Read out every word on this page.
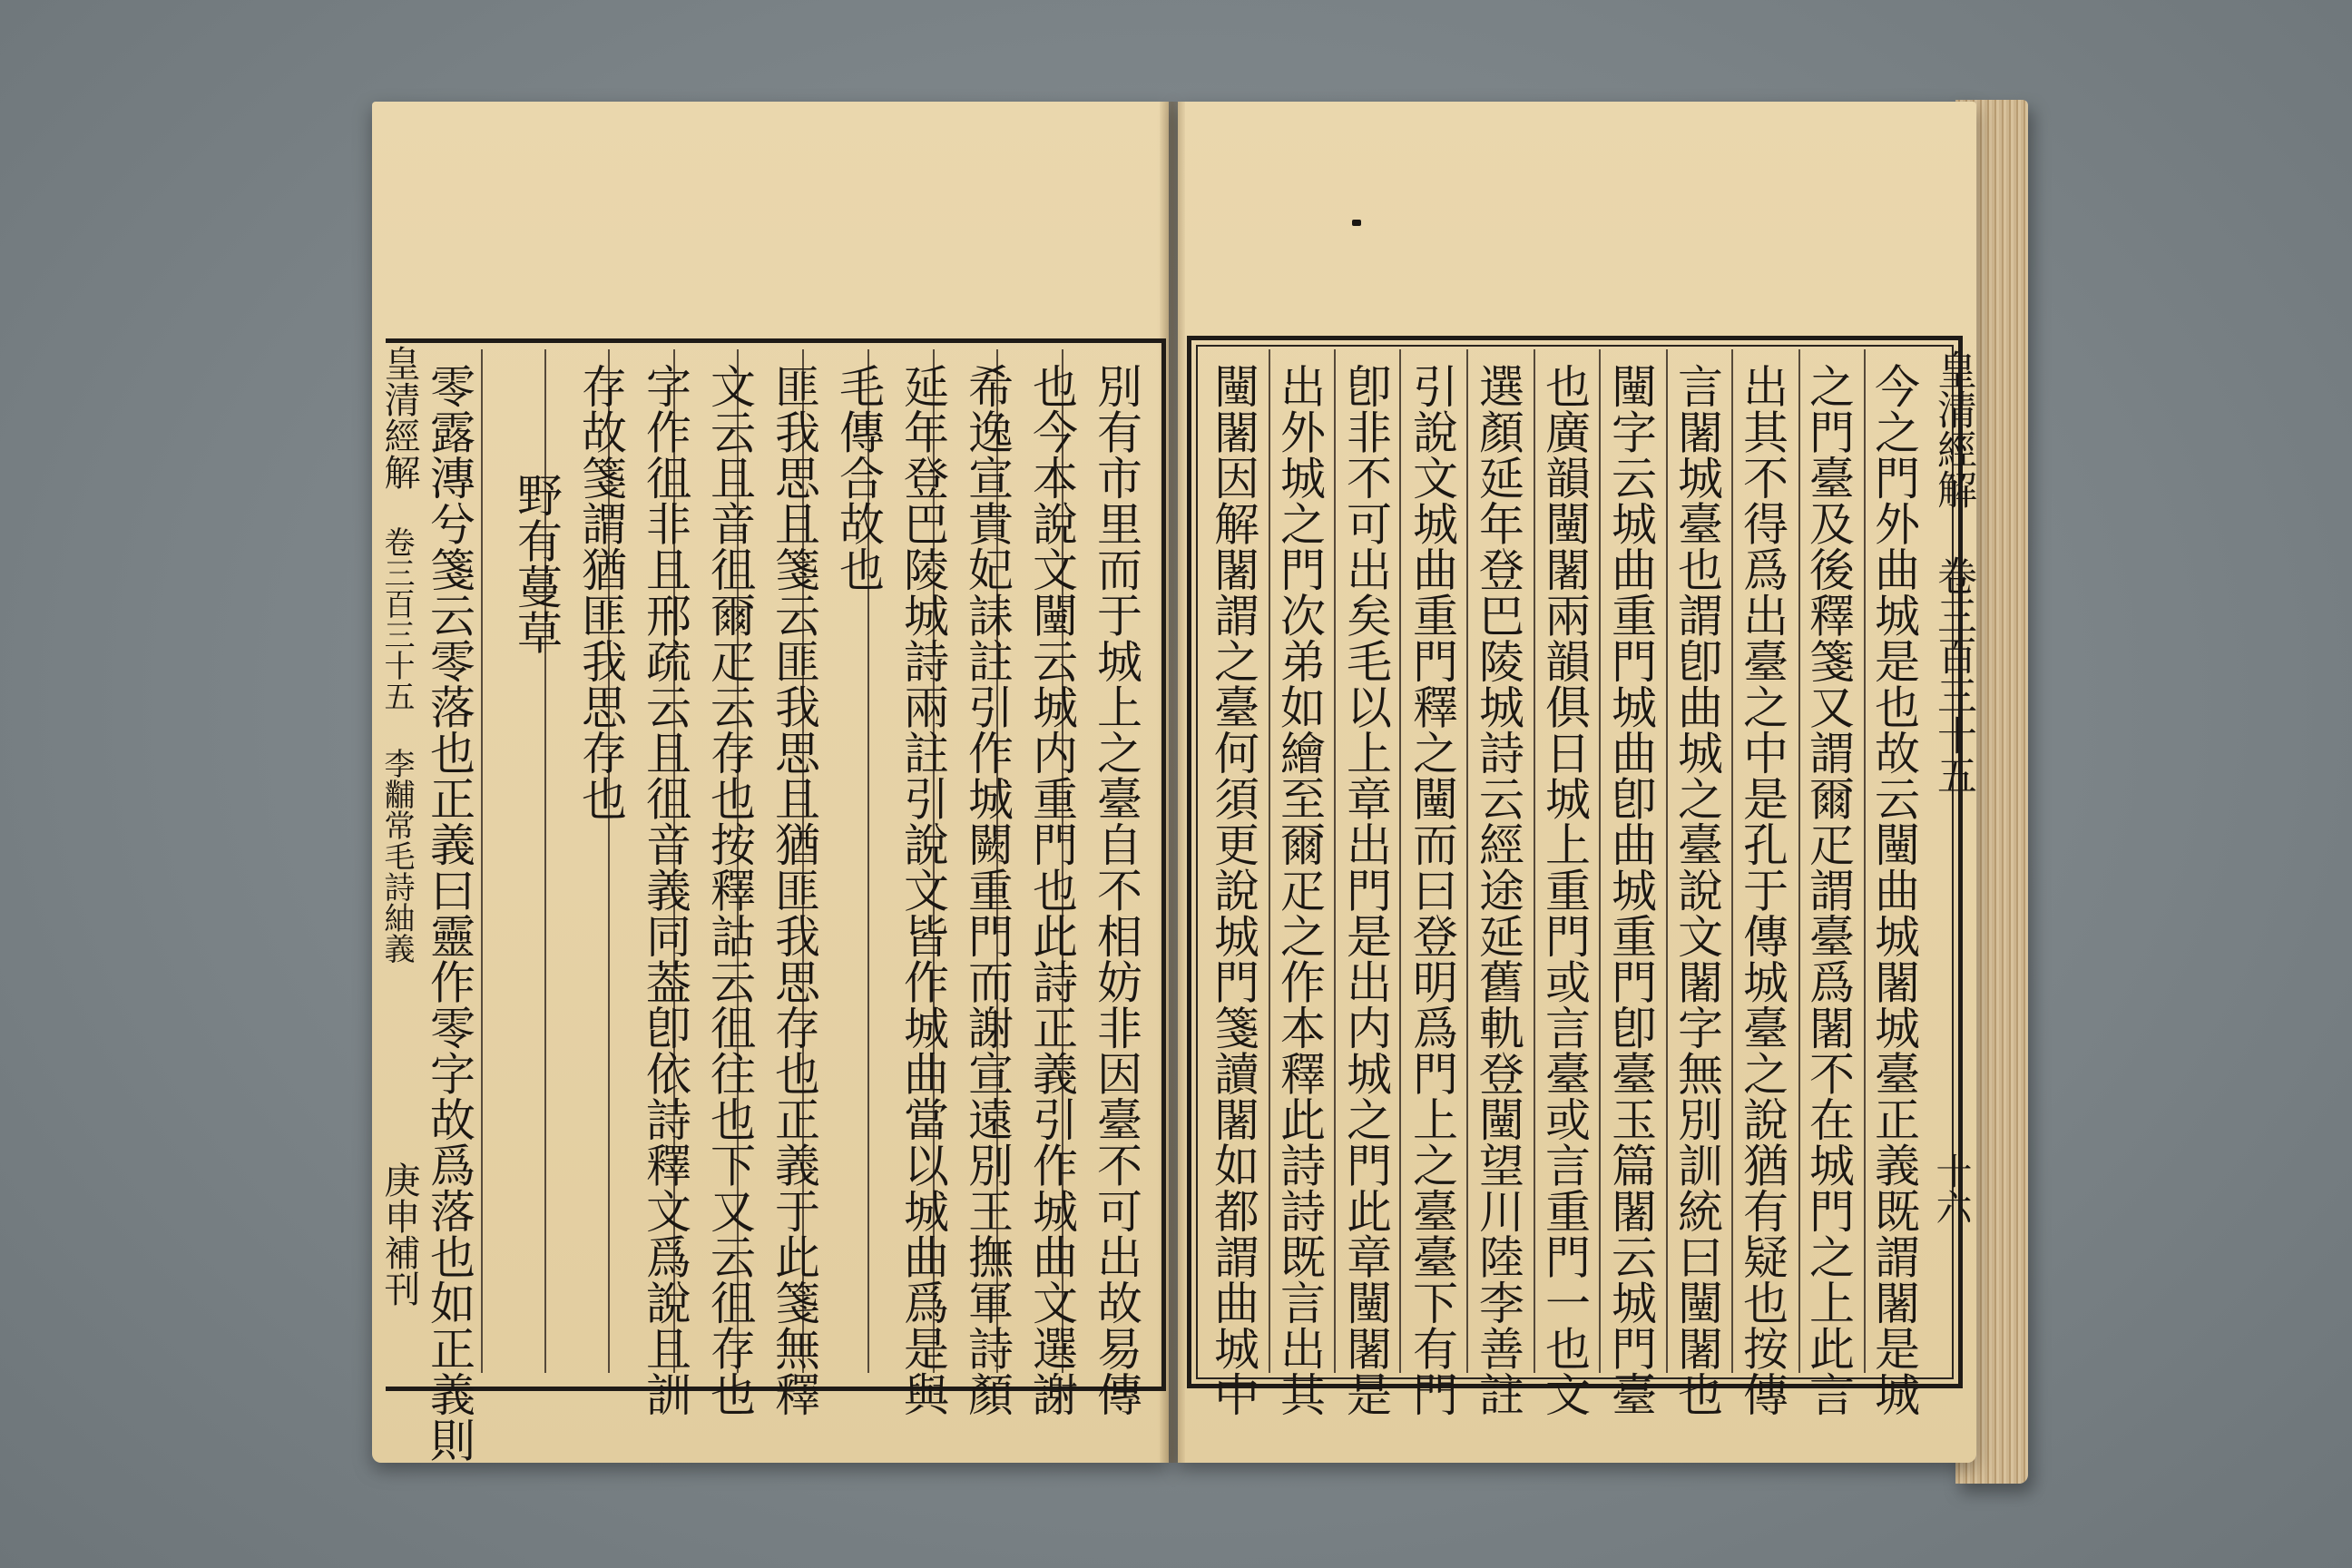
今之門外曲城是也故云闉曲城闍城臺正義既謂闍是城
之門臺及後釋箋又謂爾疋謂臺爲闍不在城門之上此言
出其不得爲出臺之中是孔于傳城臺之說猶有疑也按傳
言闍城臺也謂卽曲城之臺說文闍字無別訓統曰闉闍也
闉字云城曲重門城曲卽曲城重門卽臺玉篇闍云城門臺
也廣韻闉闍兩韻俱日城上重門或言臺或言重門一也文
選顏延年登巴陵城詩云經途延舊軌登闉望川陸李善註
引說文城曲重門釋之闉而曰登明爲門上之臺臺下有門
卽非不可出矣毛以上章出門是出内城之門此章闉闍是
出外城之門次弟如繪至爾疋之作本釋此詩詩既言出其
闉闍因解闍謂之臺何須更說城門箋讀闍如都謂曲城中	皇清經解 卷三百三十五
十六
別有市里而于城上之臺自不相妨非因臺不可出故易傳
也今本說文闉云城内重門也此詩正義引作城曲文選謝
希逸宣貴妃誄註引作城闕重門而謝宣遠別王撫軍詩顏
延年登巴陵城詩兩註引說文皆作城曲當以城曲爲是與
毛傳合故也
匪我思且箋云匪我思且猶匪我思存也正義于此箋無釋
文云且音徂爾疋云存也按釋詁云徂往也下又云徂存也
字作徂非且邢疏云且徂音義同葢卽依詩釋文爲說且訓
存故箋謂猶匪我思存也
野有蔓草
零露漙兮箋云零落也正義曰靈作零字故爲落也如正義則
皇清經解
卷三百三十五 李黼常毛詩紬義
庚申補刊
